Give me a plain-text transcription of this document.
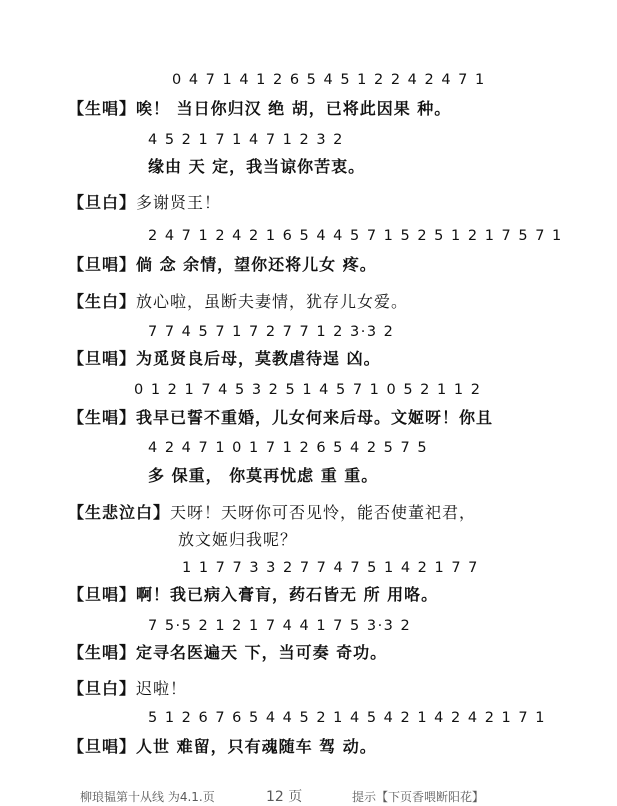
0 4 7 1 4 1 2 6 5 4 5 1 2 2 4 2 4 7 1
【生唱】唉！ 当日你归汉 绝 胡，已将此因果 种。
4 5 2 1 7 1 4 7 1 2 3 2
缘由 天 定，我当谅你苦衷。
【旦白】多谢贤王！
2 4 7 1 2 4 2 1 6 5 4 4 5 7 1 5 2 5 1 2 1 7 5 7 1
【旦唱】倘 念 余情，望你还将儿女 疼。
【生白】放心啦，虽断夫妻情，犹存儿女爱。
7 7 4 5 7 1 7 2 7 7 1 2 3·3 2
【旦唱】为觅贤良后母，莫教虐待逞 凶。
0 1 2 1 7 4 5 3 2 5 1 4 5 7 1 0 5 2 1 1 2
【生唱】我早已誓不重婚，儿女何来后母。文姬呀！你且
4 2 4 7 1 0 1 7 1 2 6 5 4 2 5 7 5
多 保重， 你莫再忧虑 重 重。
【生悲泣白】天呀！天呀你可否见怜，能否使董祀君，
放文姬归我呢？
1 1 7 7 3 3 2 7 7 4 7 5 1 4 2 1 7 7
【旦唱】啊！我已病入膏肓，药石皆无 所 用咯。
7 5·5 2 1 2 1 7 4 4 1 7 5 3·3 2
【生唱】定寻名医遍天 下，当可奏 奇功。
【旦白】迟啦！
5 1 2 6 7 6 5 4 4 5 2 1 4 5 4 2 1 4 2 4 2 1 7 1
【旦唱】人世 难留，只有魂随车 驾 动。
柳琅韫第十从线 为4.1.页	12 页	提示【下页香喂断阳花】
